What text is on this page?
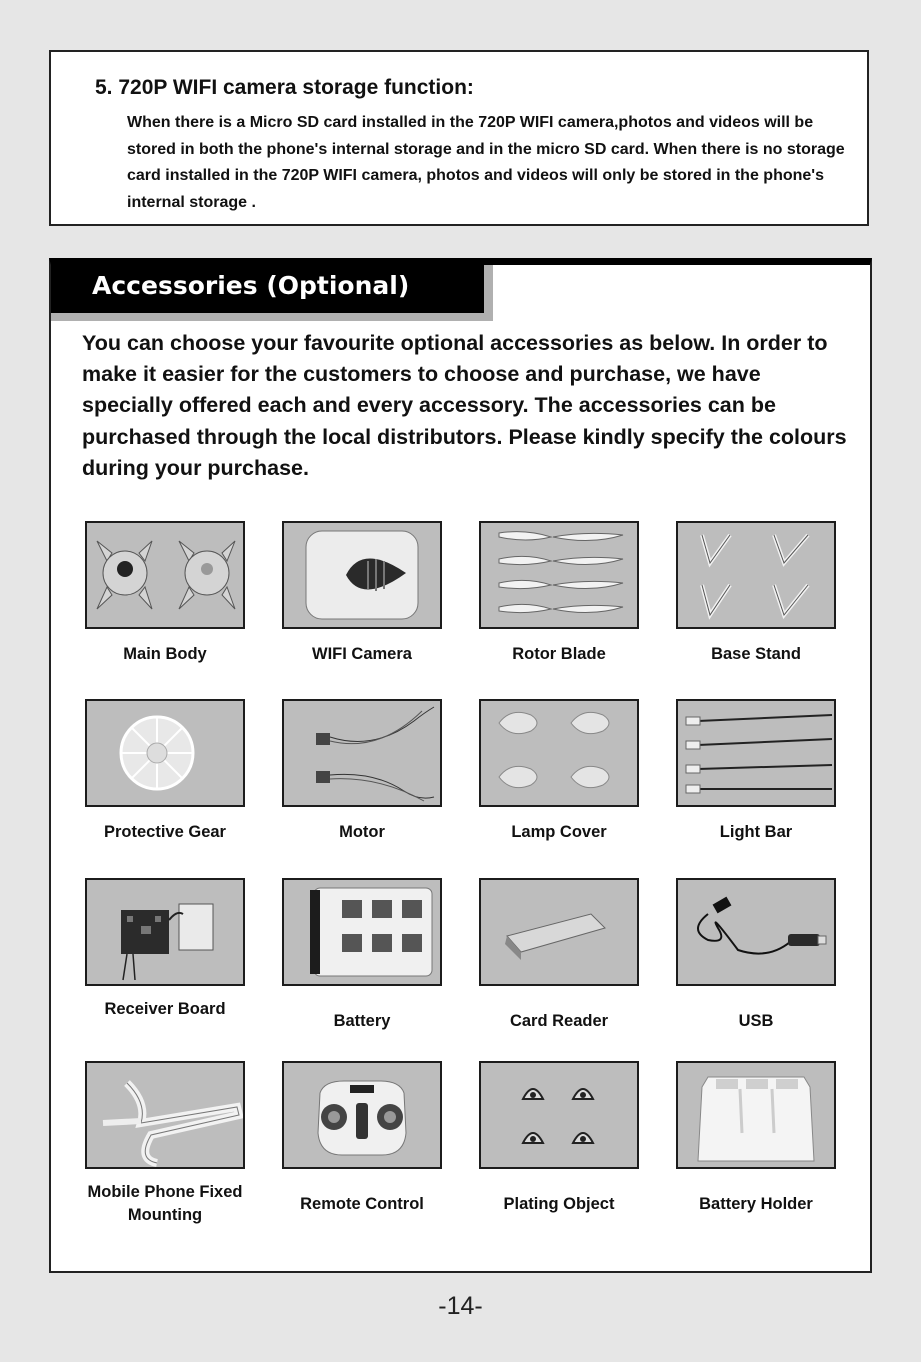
5. 720P WIFI camera storage function:

When there is a Micro SD card installed in the 720P WIFI camera,photos and videos will be stored in both the phone's internal storage and in the micro SD card. When there is no storage card installed in the 720P WIFI camera, photos and videos will only be stored in the phone's internal storage .

Accessories (Optional)

You can choose your favourite optional accessories as below. In order to make it easier for the customers to choose and purchase, we have specially offered each and every accessory. The accessories can be purchased through the local distributors. Please kindly specify the colours during your purchase.

Main Body	WIFI Camera	Rotor Blade	Base Stand
Protective Gear	Motor	Lamp Cover	Light Bar
Receiver Board
Battery	Card Reader	USB
Mobile Phone Fixed Mounting
Remote Control	Plating Object	Battery Holder
-14-
